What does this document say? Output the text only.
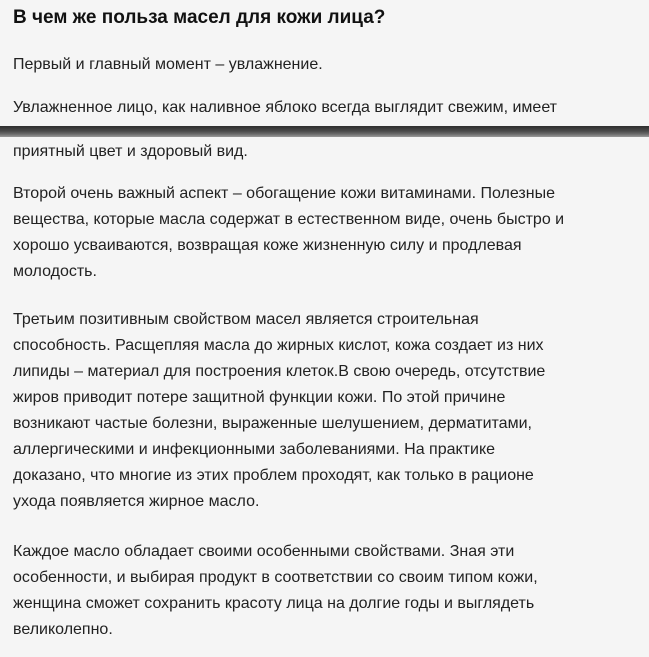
В чем же польза масел для кожи лица?

Первый и главный момент – увлажнение.

Увлажненное лицо, как наливное яблоко всегда выглядит свежим, имеет

приятный цвет и здоровый вид.

Второй очень важный аспект – обогащение кожи витаминами. Полезные
вещества, которые масла содержат в естественном виде, очень быстро и
хорошо усваиваются, возвращая коже жизненную силу и продлевая
молодость.

Третьим позитивным свойством масел является строительная
способность. Расщепляя масла до жирных кислот, кожа создает из них
липиды – материал для построения клеток.В свою очередь, отсутствие
жиров приводит потере защитной функции кожи. По этой причине
возникают частые болезни, выраженные шелушением, дерматитами,
аллергическими и инфекционными заболеваниями. На практике
доказано, что многие из этих проблем проходят, как только в рационе
ухода появляется жирное масло.

Каждое масло обладает своими особенными свойствами. Зная эти
особенности, и выбирая продукт в соответствии со своим типом кожи,
женщина сможет сохранить красоту лица на долгие годы и выглядеть
великолепно.
